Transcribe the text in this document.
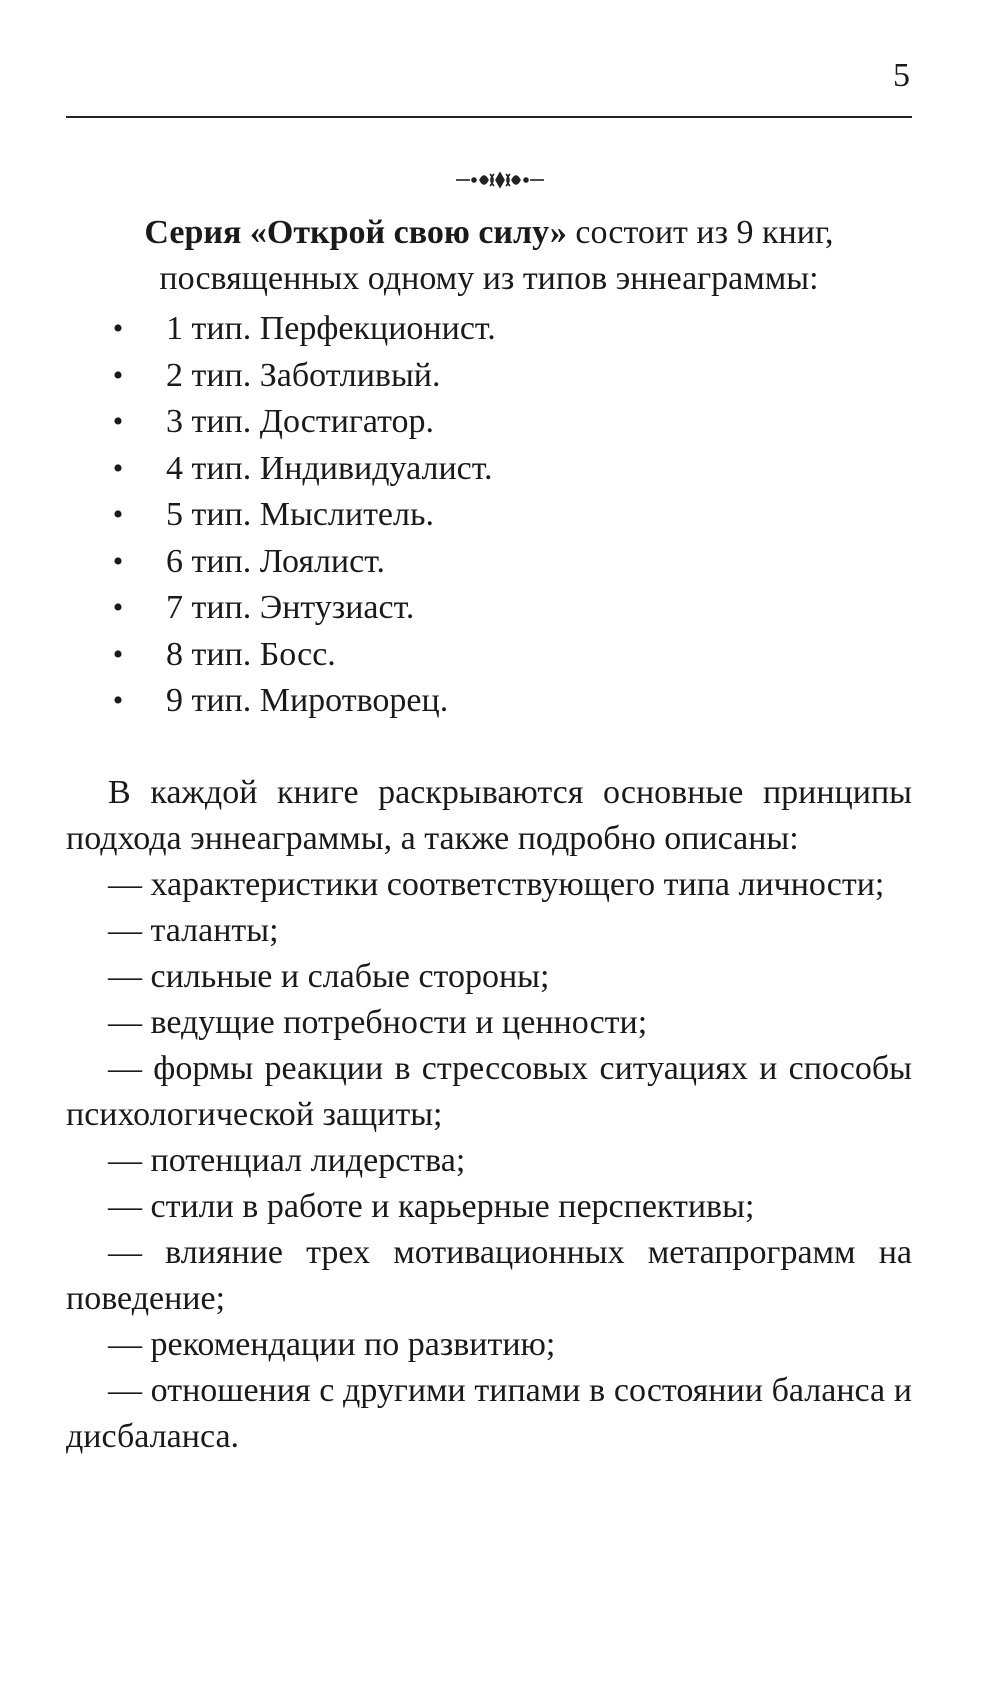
5
Серия «Открой свою силу» состоит из 9 книг, посвященных одному из типов эннеаграммы:
• 1 тип. Перфекционист.
• 2 тип. Заботливый.
• 3 тип. Достигатор.
• 4 тип. Индивидуалист.
• 5 тип. Мыслитель.
• 6 тип. Лоялист.
• 7 тип. Энтузиаст.
• 8 тип. Босс.
• 9 тип. Миротворец.

В каждой книге раскрываются основные принципы подхода эннеаграммы, а также подробно описаны:

— характеристики соответствующего типа личности;

— таланты;

— сильные и слабые стороны;

— ведущие потребности и ценности;

— формы реакции в стрессовых ситуациях и способы психологической защиты;

— потенциал лидерства;

— стили в работе и карьерные перспективы;

— влияние трех мотивационных метапрограмм на поведение;

— рекомендации по развитию;

— отношения с другими типами в состоянии баланса и дисбаланса.
